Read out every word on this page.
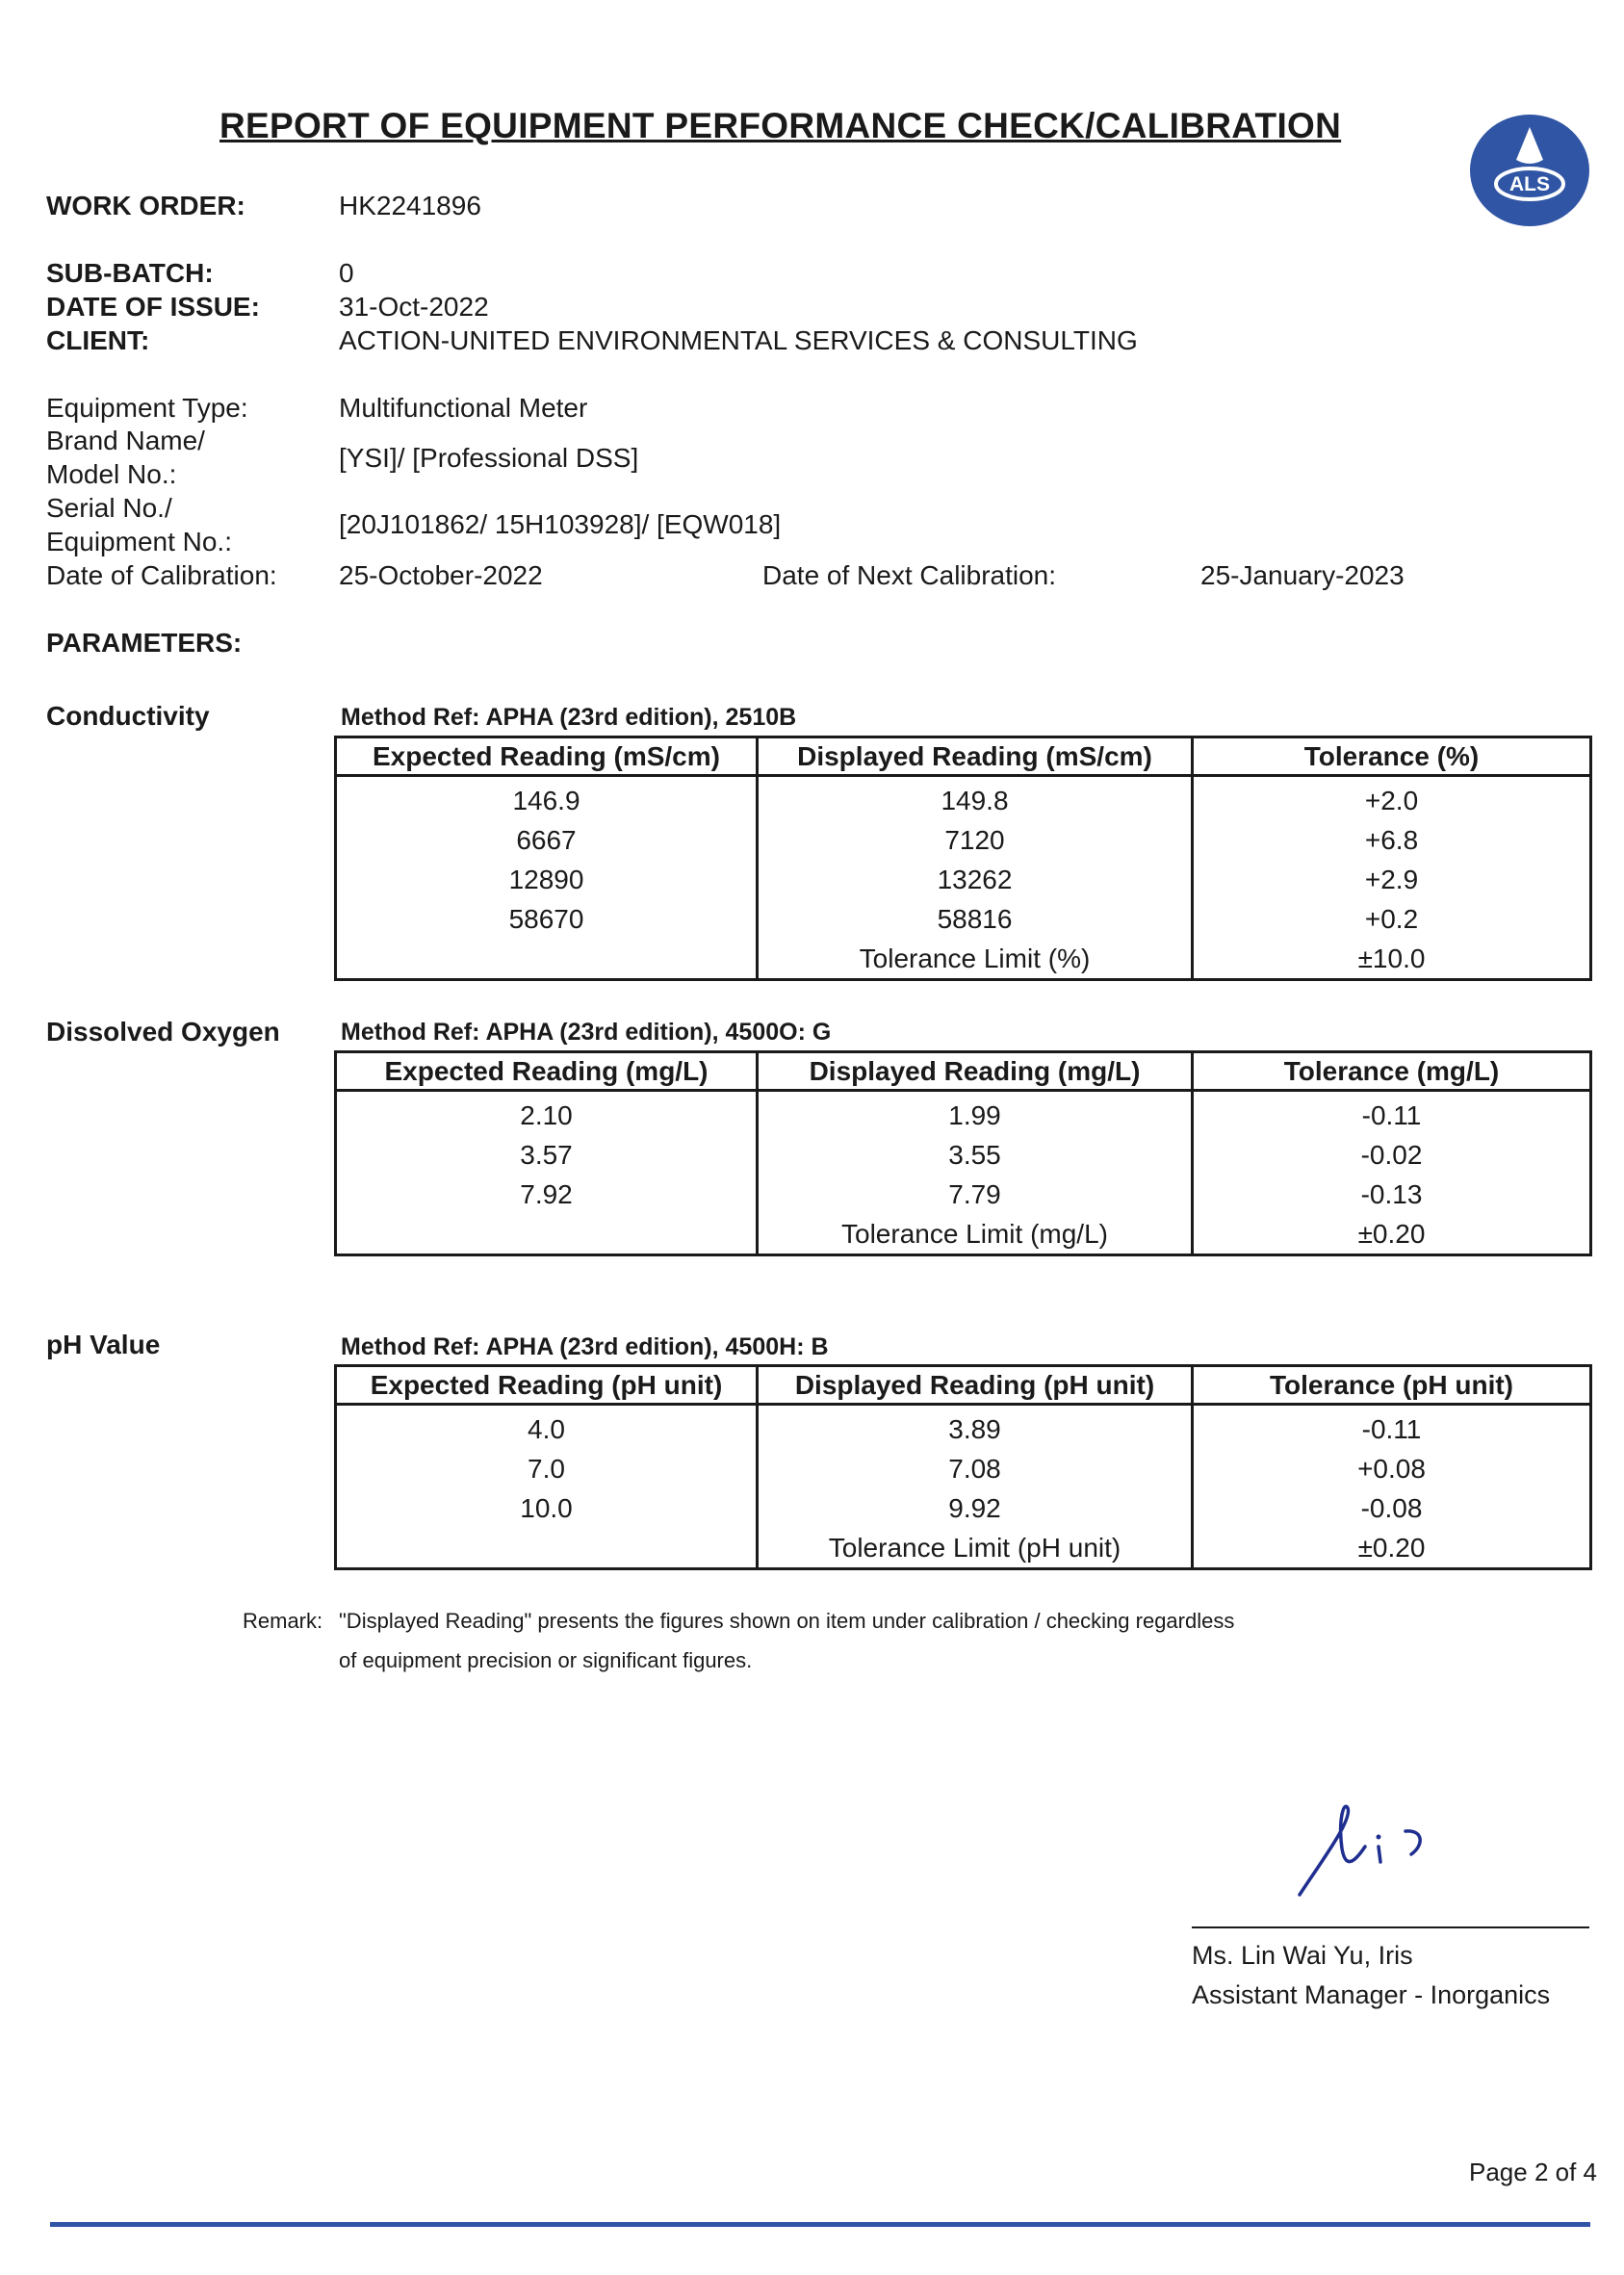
REPORT OF EQUIPMENT PERFORMANCE CHECK/CALIBRATION
ALS
WORK ORDER:	HK2241896
SUB-BATCH:	0
DATE OF ISSUE:	31-Oct-2022
CLIENT:	ACTION-UNITED ENVIRONMENTAL SERVICES & CONSULTING
Equipment Type:	Multifunctional Meter
Brand Name/
Model No.:
[YSI]/ [Professional DSS]
Serial No./
Equipment No.:
[20J101862/ 15H103928]/ [EQW018]
Date of Calibration: 25-October-2022	Date of Next Calibration:	25-January-2023
PARAMETERS:
Conductivity	Method Ref: APHA (23rd edition), 2510B
Expected Reading (mS/cm)	Displayed Reading (mS/cm)	Tolerance (%)
146.9	149.8	+2.0
6667	7120	+6.8
12890	13262	+2.9
58670	58816	+0.2
	Tolerance Limit (%)	±10.0
Dissolved Oxygen	Method Ref: APHA (23rd edition), 4500O: G
Expected Reading (mg/L)	Displayed Reading (mg/L)	Tolerance (mg/L)
2.10	1.99	-0.11
3.57	3.55	-0.02
7.92	7.79	-0.13
	Tolerance Limit (mg/L)	±0.20
pH Value	Method Ref: APHA (23rd edition), 4500H: B
Expected Reading (pH unit)	Displayed Reading (pH unit)	Tolerance (pH unit)
4.0	3.89	-0.11
7.0	7.08	+0.08
10.0	9.92	-0.08
	Tolerance Limit (pH unit)	±0.20
Remark: "Displayed Reading" presents the figures shown on item under calibration / checking regardless
of equipment precision or significant figures.
Ms. Lin Wai Yu, Iris
Assistant Manager - Inorganics
Page 2 of 4
